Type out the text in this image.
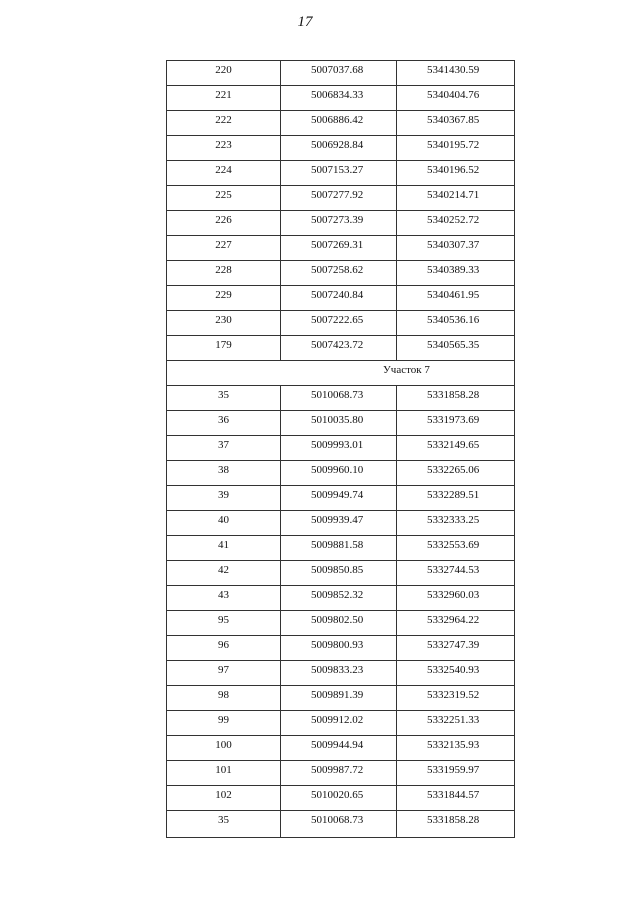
17
220	5007037.68	5341430.59
221	5006834.33	5340404.76
222	5006886.42	5340367.85
223	5006928.84	5340195.72
224	5007153.27	5340196.52
225	5007277.92	5340214.71
226	5007273.39	5340252.72
227	5007269.31	5340307.37
228	5007258.62	5340389.33
229	5007240.84	5340461.95
230	5007222.65	5340536.16
179	5007423.72	5340565.35
Участок 7		
35	5010068.73	5331858.28
36	5010035.80	5331973.69
37	5009993.01	5332149.65
38	5009960.10	5332265.06
39	5009949.74	5332289.51
40	5009939.47	5332333.25
41	5009881.58	5332553.69
42	5009850.85	5332744.53
43	5009852.32	5332960.03
95	5009802.50	5332964.22
96	5009800.93	5332747.39
97	5009833.23	5332540.93
98	5009891.39	5332319.52
99	5009912.02	5332251.33
100	5009944.94	5332135.93
101	5009987.72	5331959.97
102	5010020.65	5331844.57
35	5010068.73	5331858.28
